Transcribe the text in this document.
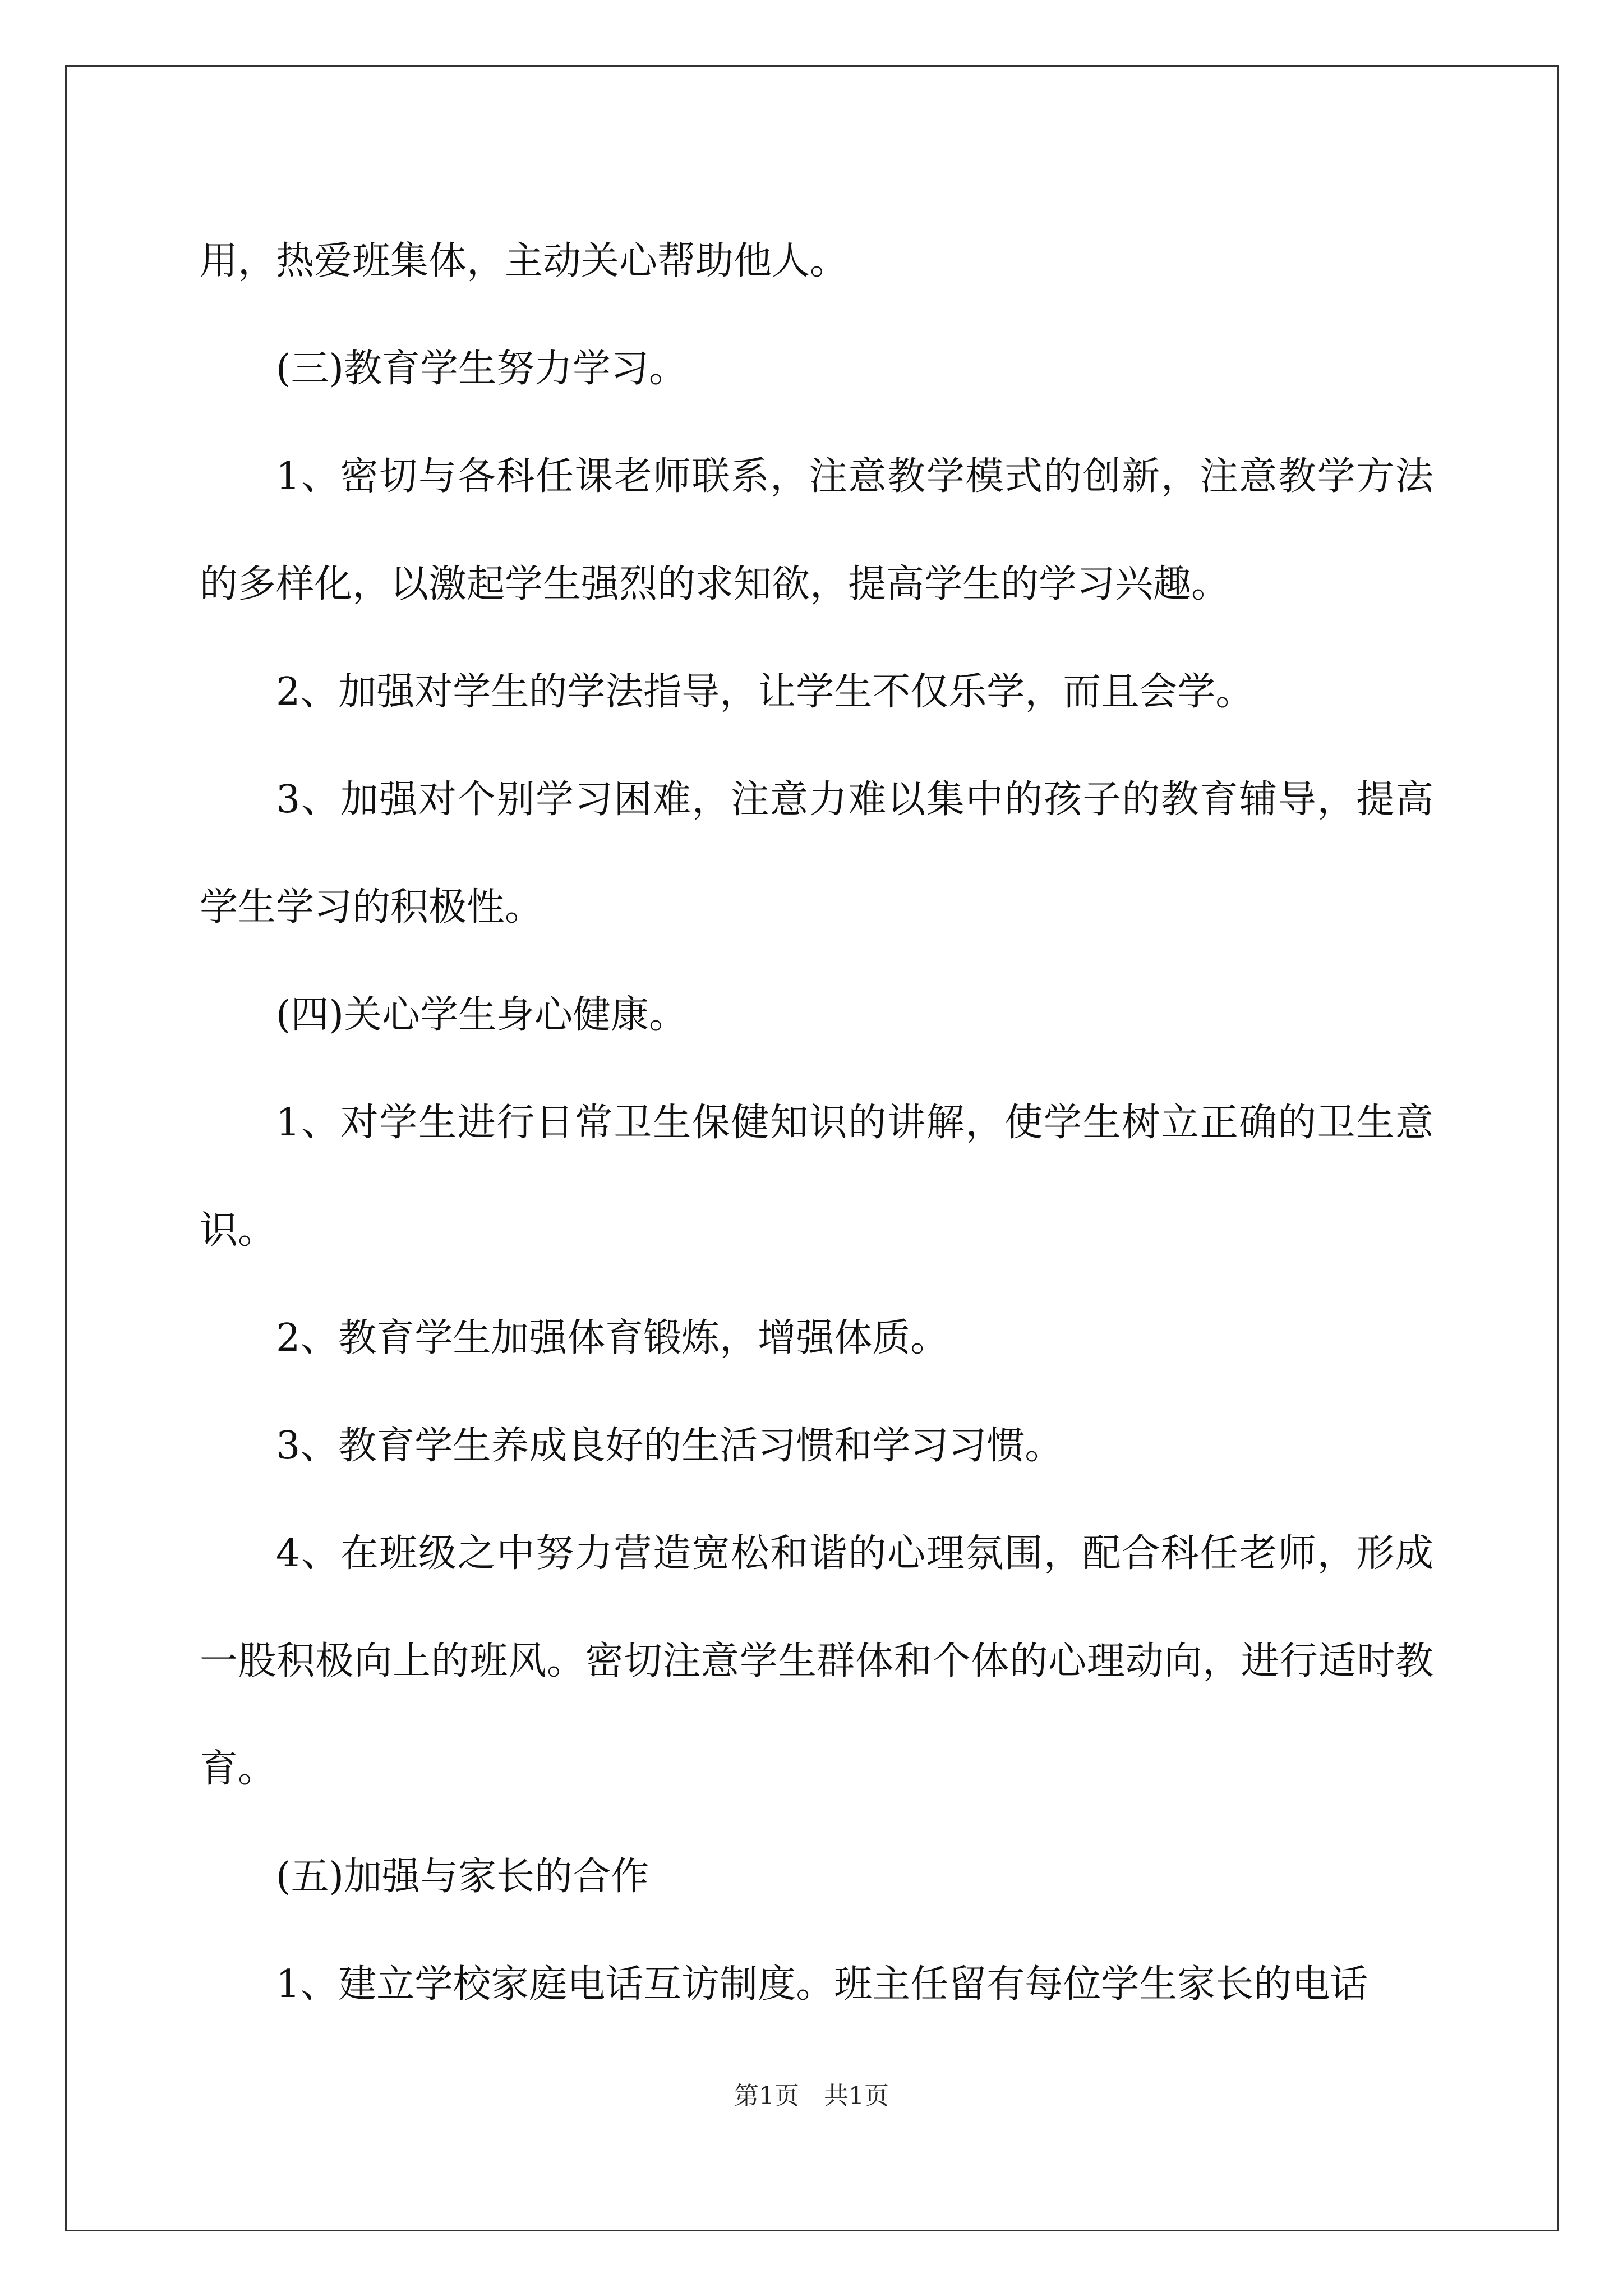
用，热爱班集体，主动关心帮助他人。

(三)教育学生努力学习。

1、密切与各科任课老师联系，注意教学模式的创新，注意教学方法的多样化，以激起学生强烈的求知欲，提高学生的学习兴趣。

2、加强对学生的学法指导，让学生不仅乐学，而且会学。

3、加强对个别学习困难，注意力难以集中的孩子的教育辅导，提高学生学习的积极性。

(四)关心学生身心健康。

1、对学生进行日常卫生保健知识的讲解，使学生树立正确的卫生意识。

2、教育学生加强体育锻炼，增强体质。

3、教育学生养成良好的生活习惯和学习习惯。

4、在班级之中努力营造宽松和谐的心理氛围，配合科任老师，形成一股积极向上的班风。密切注意学生群体和个体的心理动向，进行适时教育。

(五)加强与家长的合作

1、建立学校家庭电话互访制度。班主任留有每位学生家长的电话

第1页 共1页
